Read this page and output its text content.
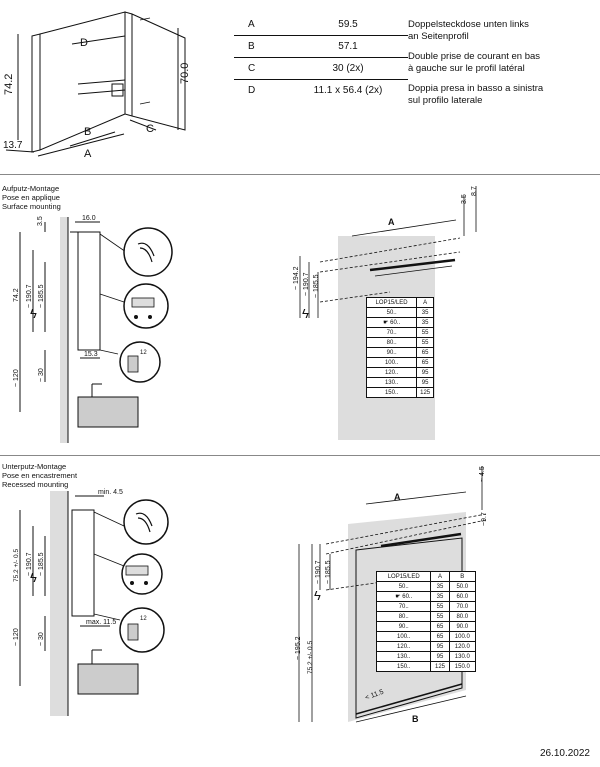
74.2
70.0
13.7
A
B	C
D
A	59.5
B	57.1
C	30 (2x)
D	11.1 x 56.4 (2x)

Doppelsteckdose unten links
an Seitenprofil

Double prise de courant en bas
à gauche sur le profil latéral

Doppia presa in basso a sinistra
sul profilo laterale

Aufputz-Montage
Pose en applique
Surface mounting
3.5	16.0
74.2 ~ 190.7 ~ 185.5
ϟ
15.3	12
~ 120	~ 30
A
3.5
8.7
~ 194.2 ~ 190.7 ~ 185.5
ϟ
LOP15/LED	A
50..	35
☛ 60..	35
70..	55
80..	55
90..	65
100..	65
120..	95
130..	95
150..	125
Unterputz-Montage
Pose en encastrement
Recessed mounting
min. 4.5
75.2 +/- 0.5 ~ 190.7 ~ 185.5
ϟ
max. 11.5	12
~ 120	~ 30
A
B
~ 4.5
~9.7
~ 190.7 ~ 185.5
~ 195.2 75.2 +/- 0.5
ϟ
< 11.5
LOP15/LED	A	B
50..	35	50.0
☛ 60..	35	60.0
70..	55	70.0
80..	55	80.0
90..	65	90.0
100..	65	100.0
120..	95	120.0
130..	95	130.0
150..	125	150.0
26.10.2022
